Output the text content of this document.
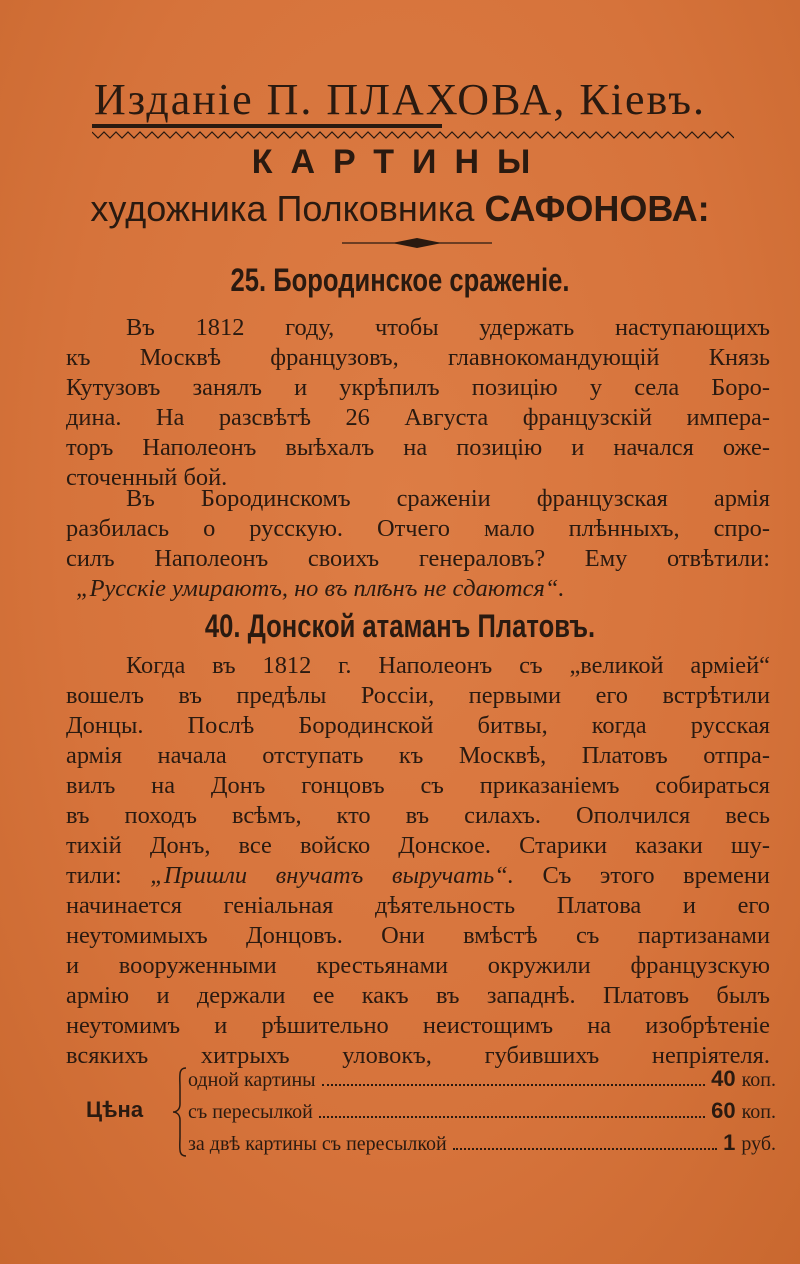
Изданіе П. ПЛАХОВА, Кіевъ.
КАРТИНЫ
художника Полковника САФОНОВА:
25. Бородинское сраженіе.
Въ 1812 году, чтобы удержать наступающихъ
къ Москвѣ французовъ, главнокомандующій Князь
Кутузовъ занялъ и укрѣпилъ позицію у села Боро-
дина. На разсвѣтѣ 26 Августа французскій импера-
торъ Наполеонъ выѣхалъ на позицію и начался оже-
сточенный бой.
Въ Бородинскомъ сраженіи французская армія
разбилась о русскую. Отчего мало плѣнныхъ, спро-
силъ Наполеонъ своихъ генераловъ? Ему отвѣтили:
„Русскіе умираютъ, но въ плѣнъ не сдаются“.
40. Донской атаманъ Платовъ.
Когда въ 1812 г. Наполеонъ съ „великой арміей“
вошелъ въ предѣлы Россіи, первыми его встрѣтили
Донцы. Послѣ Бородинской битвы, когда русская
армія начала отступать къ Москвѣ, Платовъ отпра-
вилъ на Донъ гонцовъ съ приказаніемъ собираться
въ походъ всѣмъ, кто въ силахъ. Ополчился весь
тихій Донъ, все войско Донское. Старики казаки шу-
тили: „Пришли внучатъ выручать“. Съ этого времени
начинается геніальная дѣятельность Платова и его
неутомимыхъ Донцовъ. Они вмѣстѣ съ партизанами
и вооруженными крестьянами окружили французскую
армію и держали ее какъ въ западнѣ. Платовъ былъ
неутомимъ и рѣшительно неистощимъ на изобрѣтеніе
всякихъ хитрыхъ уловокъ, губившихъ непріятеля.
Цѣна
одной картины	40 коп.
съ пересылкой	60 коп.
за двѣ картины съ пересылкой	1 руб.
